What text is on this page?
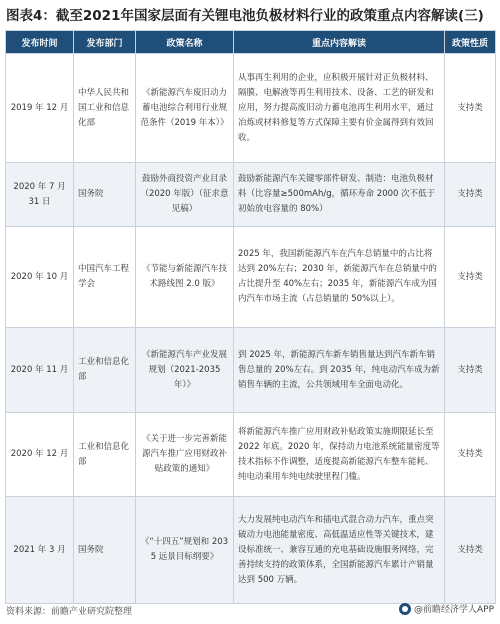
图表4：截至2021年国家层面有关锂电池负极材料行业的政策重点内容解读(三)
发布时间	发布部门	政策名称	重点内容解读	政策性质
2019 年 12 月	中华人民共和国工业和信息化部	《新能源汽车废旧动力蓄电池综合利用行业规范条件（2019 年本）》	从事再生利用的企业，应积极开展针对正负极材料、隔膜、电解液等再生利用技术、设备、工艺的研发和应用，努力提高废旧动力蓄电池再生利用水平，通过冶炼或材料修复等方式保障主要有价金属得到有效回收。	支持类
2020 年 7 月 31 日	国务院	鼓励外商投资产业目录（2020 年版）（征求意见稿）	鼓励新能源汽车关键零部件研发、制造：电池负极材料（比容量≥500mAh/g，循环寿命 2000 次不低于初始放电容量的 80%）	支持类
2020 年 10 月	中国汽车工程学会	《节能与新能源汽车技术路线图 2.0 版》	2025 年，我国新能源汽车在汽车总销量中的占比将达到 20%左右；2030 年，新能源汽车在总销量中的占比提升至 40%左右；2035 年，新能源汽车成为国内汽车市场主流（占总销量的 50%以上）。	支持类
2020 年 11 月	工业和信息化部	《新能源汽车产业发展规划（2021-2035 年）》	到 2025 年，新能源汽车新车销售量达到汽车新车销售总量的 20%左右。到 2035 年，纯电动汽车成为新销售车辆的主流，公共领域用车全面电动化。	支持类
2020 年 12 月	工业和信息化部	《关于进一步完善新能源汽车推广应用财政补贴政策的通知》	将新能源汽车推广应用财政补贴政策实施期限延长至 2022 年底。2020 年，保持动力电池系统能量密度等技术指标不作调整，适度提高新能源汽车整车能耗、纯电动乘用车纯电续驶里程门槛。	支持类
2021 年 3 月	国务院	《“十四五”规划和 2035 远景目标纲要》	大力发展纯电动汽车和插电式混合动力汽车，重点突破动力电池能量密度、高低温适应性等关键技术，建设标准统一、兼容互通的充电基础设施服务网络，完善持续支持的政策体系，全国新能源汽车累计产销量达到 500 万辆。	支持类
资料来源：前瞻产业研究院整理	@前瞻经济学人APP
